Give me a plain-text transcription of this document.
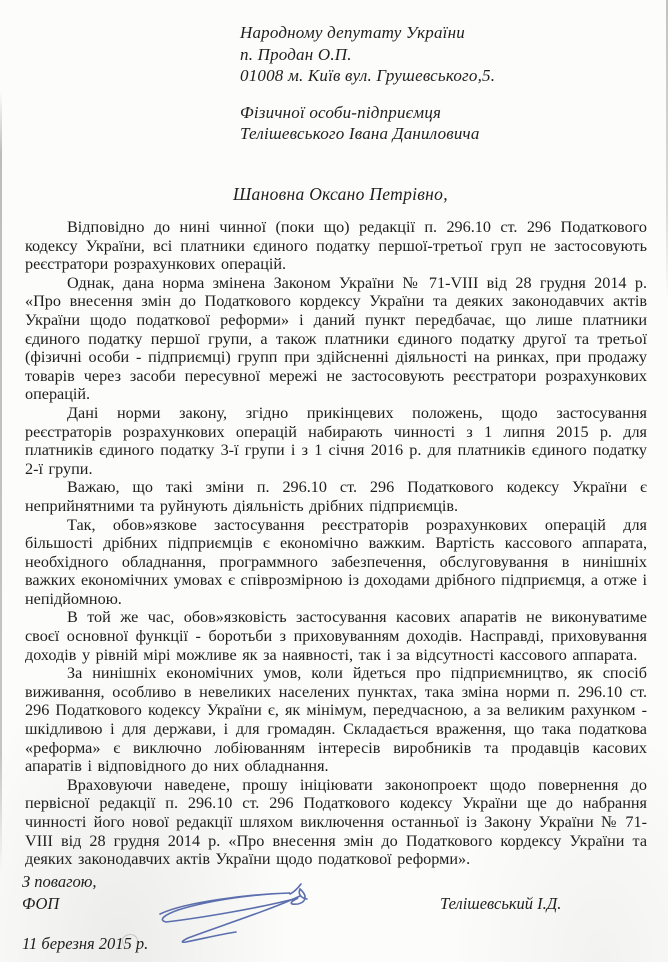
Народному депутату України
п. Продан О.П.
01008 м. Київ вул. Грушевського,5.
Фізичної особи-підприємця
Телішевського Івана Даниловича
Шановна Оксано Петрівно,

Відповідно до нині чинної (поки що) редакції п. 296.10 ст. 296 Податкового кодексу України, всі платники єдиного податку першої-третьої груп не застосовують реєстратори розрахункових операцій.

Однак, дана норма змінена Законом України № 71-VIII від 28 грудня 2014 р. «Про внесення змін до Податкового кордексу України та деяких законодавчих актів України щодо податкової реформи» і даний пункт передбачає, що лише платники єдиного податку першої групи, а також платники єдиного податку другої та третьої (фізичні особи - підприємці) групп при здійсненні діяльності на ринках, при продажу товарів через засоби пересувної мережі не застосовують реєстратори розрахункових операцій.

Дані норми закону, згідно прикінцевих положень, щодо застосування реєстраторів розрахункових операцій набирають чинності з 1 липня 2015 р. для платників єдиного податку 3-ї групи і з 1 січня 2016 р. для платників єдиного податку 2-ї групи.

Важаю, що такі зміни п. 296.10 ст. 296 Податкового кодексу України є неприйнятними та руйнують діяльність дрібних підприємців.

Так, обов»язкове застосування реєстраторів розрахункових операцій для більшості дрібних підприємців є економічно важким. Вартість кассового аппарата, необхідного обладнання, программного забезпечення, обслуговування в нинішніх важких економічних умовах є співрозмірною із доходами дрібного підприємця, а отже і непідйомною.

В той же час, обов»язковість застосування касових апаратів не виконуватиме своєї основної функції - боротьби з приховуванням доходів. Насправді, приховування доходів у рівній мірі можливе як за наявності, так і за відсутності кассового аппарата.

За нинішніх економічних умов, коли йдеться про підприємництво, як спосіб виживання, особливо в невеликих населених пунктах, така зміна норми п. 296.10 ст. 296 Податкового кодексу України є, як мінімум, передчасною, а за великим рахунком - шкідливою і для держави, і для громадян. Складається враження, що така податкова «реформа» є виключно лобіюванням інтересів виробників та продавців касових апаратів і відповідного до них обладнання.

Враховуючи наведене, прошу ініціювати законопроект щодо повернення до первісної редакції п. 296.10 ст. 296 Податкового кодексу України ще до набрання чинності його нової редакції шляхом виключення останньої із Закону України № 71-VIII від 28 грудня 2014 р. «Про внесення змін до Податкового кордексу України та деяких законодавчих актів України щодо податкової реформи».

З повагою,
ФОП	Телішевський І.Д.
11 березня 2015 р.
